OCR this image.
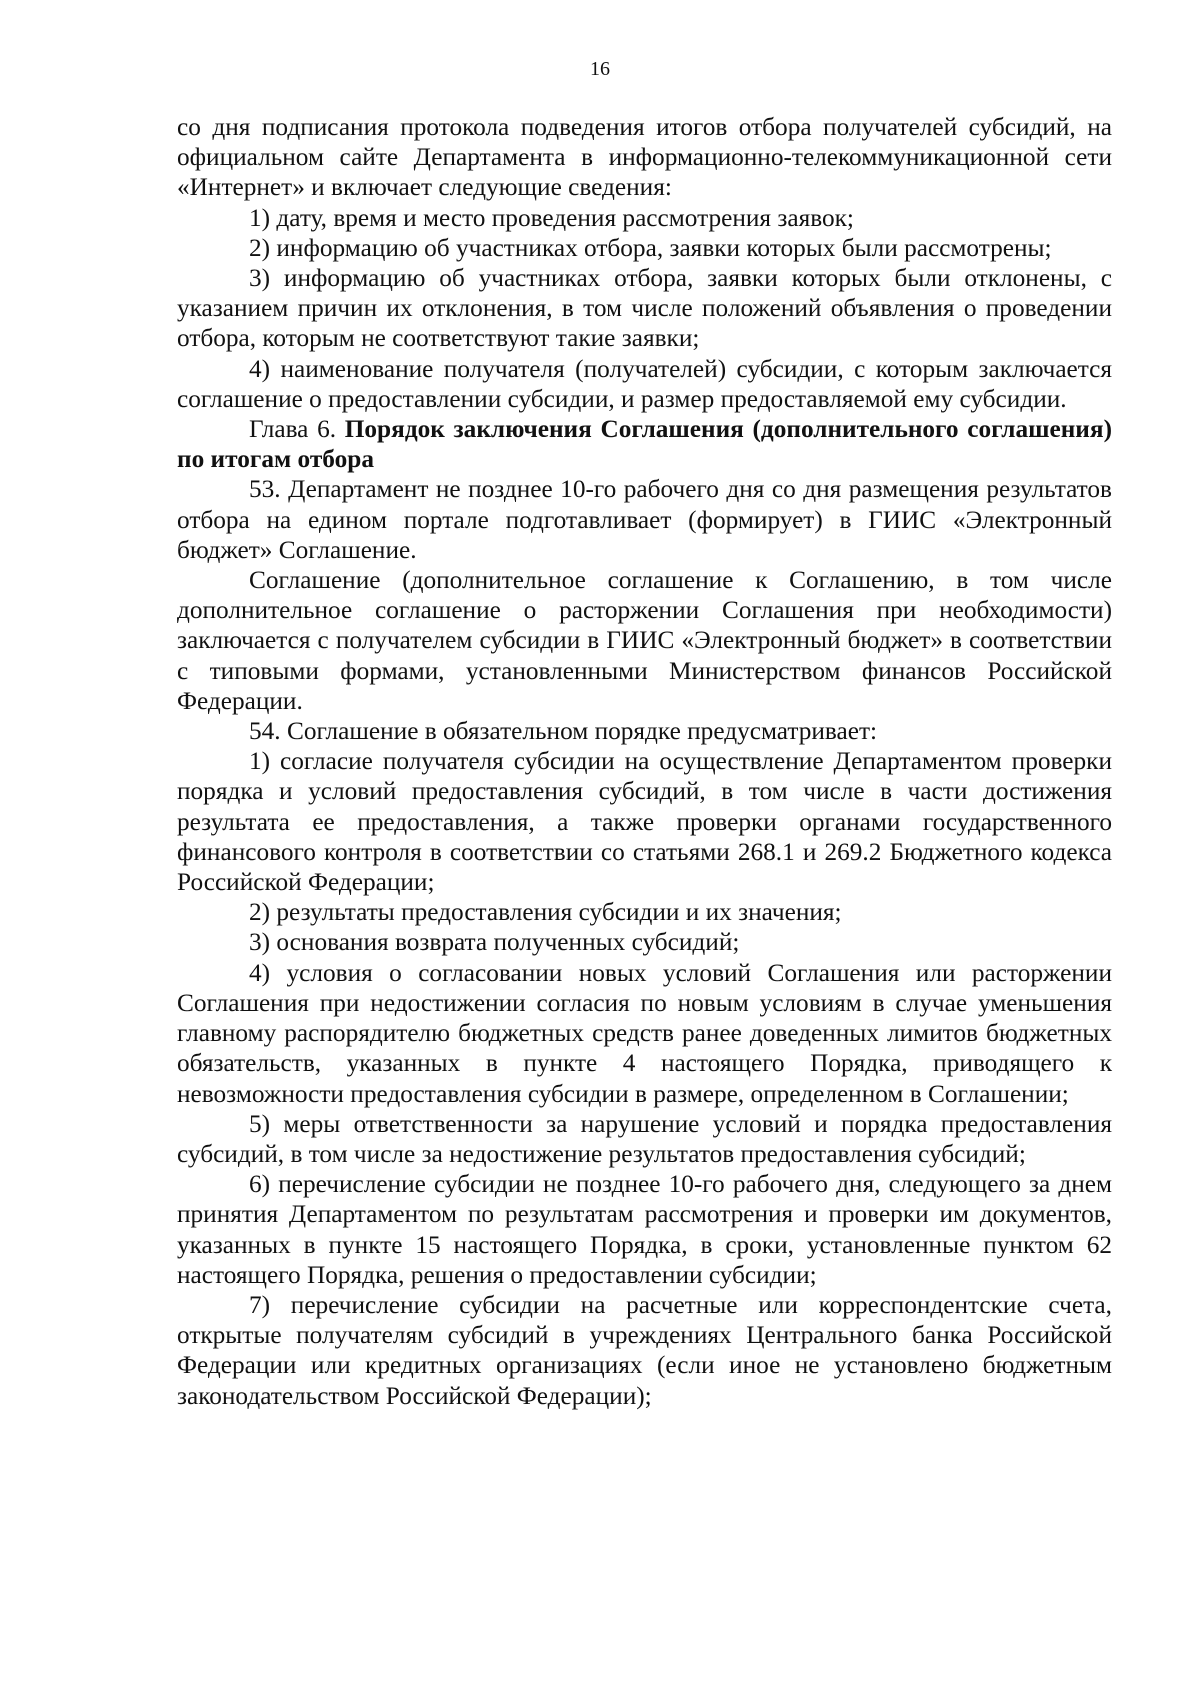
16

со дня подписания протокола подведения итогов отбора получателей субсидий, на официальном сайте Департамента в информационно-телекоммуникационной сети «Интернет» и включает следующие сведения:

1) дату, время и место проведения рассмотрения заявок;

2) информацию об участниках отбора, заявки которых были рассмотрены;

3) информацию об участниках отбора, заявки которых были отклонены, с указанием причин их отклонения, в том числе положений объявления о проведении отбора, которым не соответствуют такие заявки;

4) наименование получателя (получателей) субсидии, с которым заключается соглашение о предоставлении субсидии, и размер предоставляемой ему субсидии.

Глава 6. Порядок заключения Соглашения (дополнительного соглашения) по итогам отбора

53. Департамент не позднее 10-го рабочего дня со дня размещения результатов отбора на едином портале подготавливает (формирует) в ГИИС «Электронный бюджет» Соглашение.

Соглашение (дополнительное соглашение к Соглашению, в том числе дополнительное соглашение о расторжении Соглашения при необходимости) заключается с получателем субсидии в ГИИС «Электронный бюджет» в соответствии с типовыми формами, установленными Министерством финансов Российской Федерации.

54. Соглашение в обязательном порядке предусматривает:

1) согласие получателя субсидии на осуществление Департаментом проверки порядка и условий предоставления субсидий, в том числе в части достижения результата ее предоставления, а также проверки органами государственного финансового контроля в соответствии со статьями 268.1 и 269.2 Бюджетного кодекса Российской Федерации;

2) результаты предоставления субсидии и их значения;

3) основания возврата полученных субсидий;

4) условия о согласовании новых условий Соглашения или расторжении Соглашения при недостижении согласия по новым условиям в случае уменьшения главному распорядителю бюджетных средств ранее доведенных лимитов бюджетных обязательств, указанных в пункте 4 настоящего Порядка, приводящего к невозможности предоставления субсидии в размере, определенном в Соглашении;

5) меры ответственности за нарушение условий и порядка предоставления субсидий, в том числе за недостижение результатов предоставления субсидий;

6) перечисление субсидии не позднее 10-го рабочего дня, следующего за днем принятия Департаментом по результатам рассмотрения и проверки им документов, указанных в пункте 15 настоящего Порядка, в сроки, установленные пунктом 62 настоящего Порядка, решения о предоставлении субсидии;

7) перечисление субсидии на расчетные или корреспондентские счета, открытые получателям субсидий в учреждениях Центрального банка Российской Федерации или кредитных организациях (если иное не установлено бюджетным законодательством Российской Федерации);
